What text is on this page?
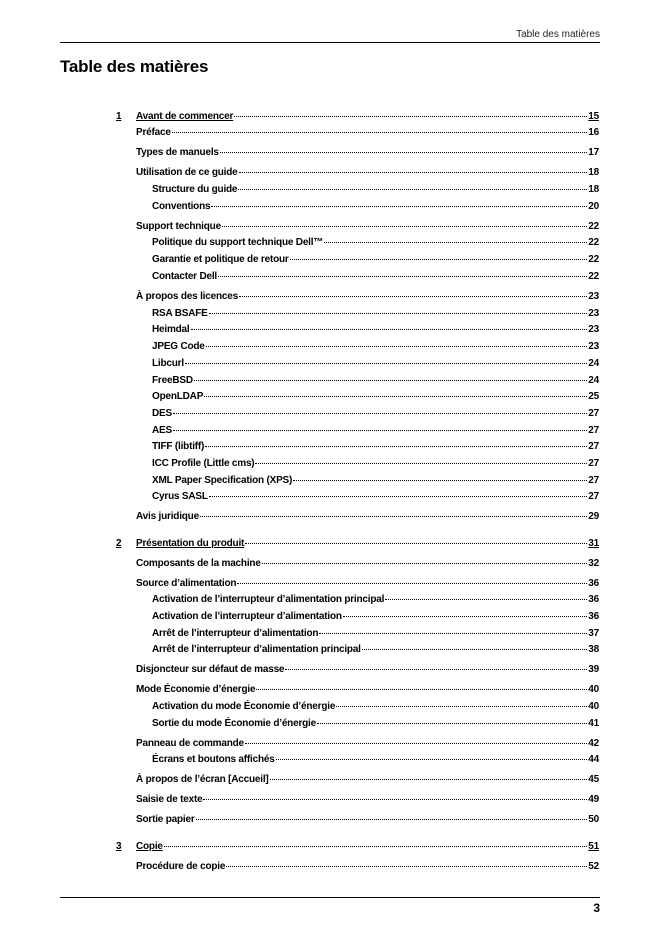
Table des matières
Table des matières
1	Avant de commencer	15
Préface	16
Types de manuels	17
Utilisation de ce guide	18
Structure du guide	18
Conventions	20
Support technique	22
Politique du support technique Dell™	22
Garantie et politique de retour	22
Contacter Dell	22
À propos des licences	23
RSA BSAFE	23
Heimdal	23
JPEG Code	23
Libcurl	24
FreeBSD	24
OpenLDAP	25
DES	27
AES	27
TIFF (libtiff)	27
ICC Profile (Little cms)	27
XML Paper Specification (XPS)	27
Cyrus SASL	27
Avis juridique	29
2	Présentation du produit	31
Composants de la machine	32
Source d’alimentation	36
Activation de l’interrupteur d’alimentation principal	36
Activation de l’interrupteur d’alimentation	36
Arrêt de l’interrupteur d’alimentation	37
Arrêt de l’interrupteur d’alimentation principal	38
Disjoncteur sur défaut de masse	39
Mode Économie d’énergie	40
Activation du mode Économie d’énergie	40
Sortie du mode Économie d’énergie	41
Panneau de commande	42
Écrans et boutons affichés	44
À propos de l’écran [Accueil]	45
Saisie de texte	49
Sortie papier	50
3	Copie	51
Procédure de copie	52
3
